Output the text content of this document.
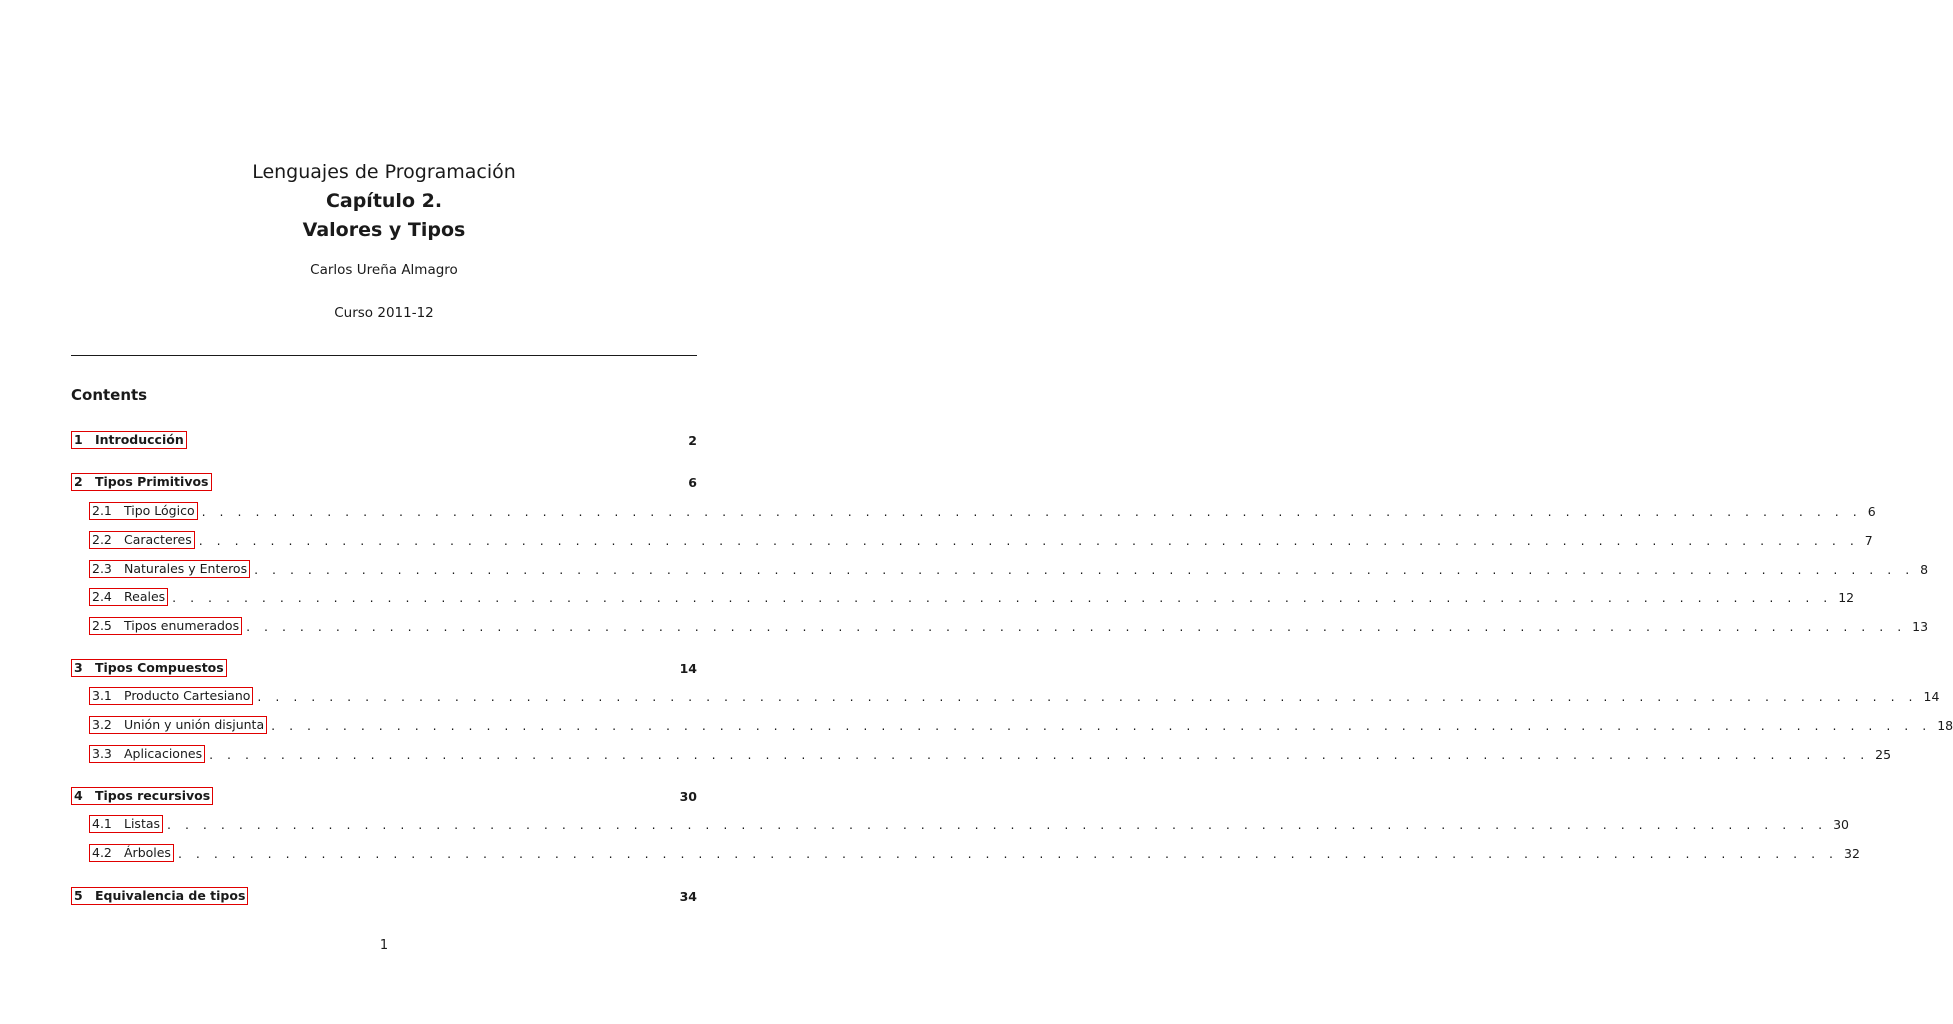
Lenguajes de Programación
Capítulo 2.
Valores y Tipos
Carlos Ureña Almagro
Curso 2011-12
Contents
1 Introducción	2
2 Tipos Primitivos	6
2.1 Tipo Lógico . . . . . . . . . . . . . . . . . . . . . . . . . . . . . . . . . . . . . . . . . . . . . . . . . . . . . . . . . . . . . . . . . . . . . . . . . . . . . . . . . . . . . . . . . . . . . 6
2.2 Caracteres . . . . . . . . . . . . . . . . . . . . . . . . . . . . . . . . . . . . . . . . . . . . . . . . . . . . . . . . . . . . . . . . . . . . . . . . . . . . . . . . . . . . . . . . . . . . . 7
2.3 Naturales y Enteros . . . . . . . . . . . . . . . . . . . . . . . . . . . . . . . . . . . . . . . . . . . . . . . . . . . . . . . . . . . . . . . . . . . . . . . . . . . . . . . . . . . . . . . . . . . . . 8
2.4 Reales . . . . . . . . . . . . . . . . . . . . . . . . . . . . . . . . . . . . . . . . . . . . . . . . . . . . . . . . . . . . . . . . . . . . . . . . . . . . . . . . . . . . . . . . . . . . . 12
2.5 Tipos enumerados . . . . . . . . . . . . . . . . . . . . . . . . . . . . . . . . . . . . . . . . . . . . . . . . . . . . . . . . . . . . . . . . . . . . . . . . . . . . . . . . . . . . . . . . . . . . . 13
3 Tipos Compuestos	14
3.1 Producto Cartesiano . . . . . . . . . . . . . . . . . . . . . . . . . . . . . . . . . . . . . . . . . . . . . . . . . . . . . . . . . . . . . . . . . . . . . . . . . . . . . . . . . . . . . . . . . . . . . 14
3.2 Unión y unión disjunta . . . . . . . . . . . . . . . . . . . . . . . . . . . . . . . . . . . . . . . . . . . . . . . . . . . . . . . . . . . . . . . . . . . . . . . . . . . . . . . . . . . . . . . . . . . . . 18
3.3 Aplicaciones . . . . . . . . . . . . . . . . . . . . . . . . . . . . . . . . . . . . . . . . . . . . . . . . . . . . . . . . . . . . . . . . . . . . . . . . . . . . . . . . . . . . . . . . . . . . . 25
4 Tipos recursivos	30
4.1 Listas . . . . . . . . . . . . . . . . . . . . . . . . . . . . . . . . . . . . . . . . . . . . . . . . . . . . . . . . . . . . . . . . . . . . . . . . . . . . . . . . . . . . . . . . . . . . . 30
4.2 Árboles . . . . . . . . . . . . . . . . . . . . . . . . . . . . . . . . . . . . . . . . . . . . . . . . . . . . . . . . . . . . . . . . . . . . . . . . . . . . . . . . . . . . . . . . . . . . . 32
5 Equivalencia de tipos	34
1
